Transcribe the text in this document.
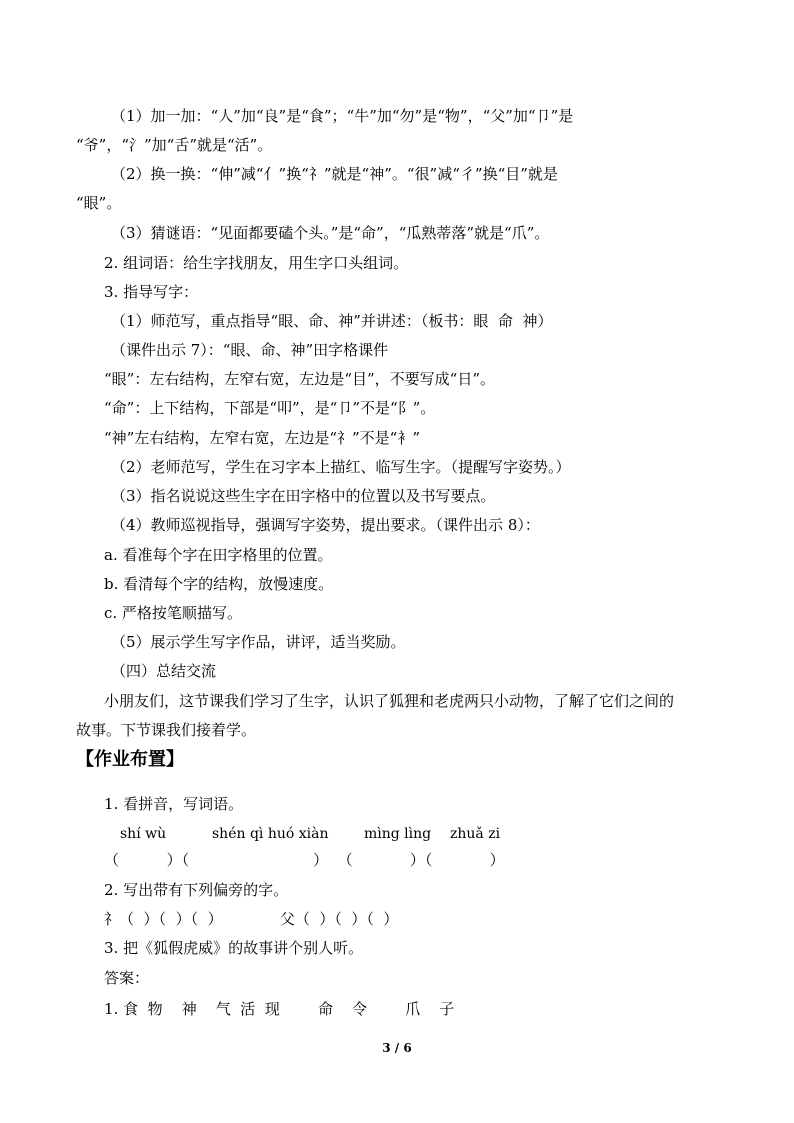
（1）加一加：“人”加“良”是“食”；“牛”加“勿”是“物”，“父”加“卩”是
“爷”，“氵”加“舌”就是“活”。
（2）换一换：“伸”减“亻”换“礻”就是“神”。“很”减“彳”换“目”就是
“眼”。
（3）猜谜语：“见面都要磕个头。”是“命”，“瓜熟蒂落”就是“爪”。
2. 组词语：给生字找朋友，用生字口头组词。
3. 指导写字：
（1）师范写，重点指导“眼、命、神”并讲述：（板书：眼  命  神）
（课件出示 7）：“眼、命、神”田字格课件
“眼”：左右结构，左窄右宽，左边是“目”，不要写成“日”。
“命”：上下结构，下部是“叩”，是“卩”不是“阝”。
“神”左右结构，左窄右宽，左边是“礻”不是“衤”
（2）老师范写，学生在习字本上描红、临写生字。（提醒写字姿势。）
（3）指名说说这些生字在田字格中的位置以及书写要点。
（4）教师巡视指导，强调写字姿势，提出要求。（课件出示 8）：
a. 看准每个字在田字格里的位置。
b. 看清每个字的结构，放慢速度。
c. 严格按笔顺描写。
（5）展示学生写字作品，讲评，适当奖励。
（四）总结交流
小朋友们，这节课我们学习了生字，认识了狐狸和老虎两只小动物，了解了它们之间的
故事。下节课我们接着学。
【作业布置】
1. 看拼音，写词语。
shí wù	shén qì huó xiàn	mìng lìng zhuǎ zi
（          ）（                          ）  （            ）（            ）
2. 写出带有下列偏旁的字。
礻（  ）（  ）（  ）            父（  ）（  ）（  ）
3. 把《狐假虎威》的故事讲个别人听。
答案：
1. 食  物    神    气  活  现        命    令        爪    子
3 / 6
